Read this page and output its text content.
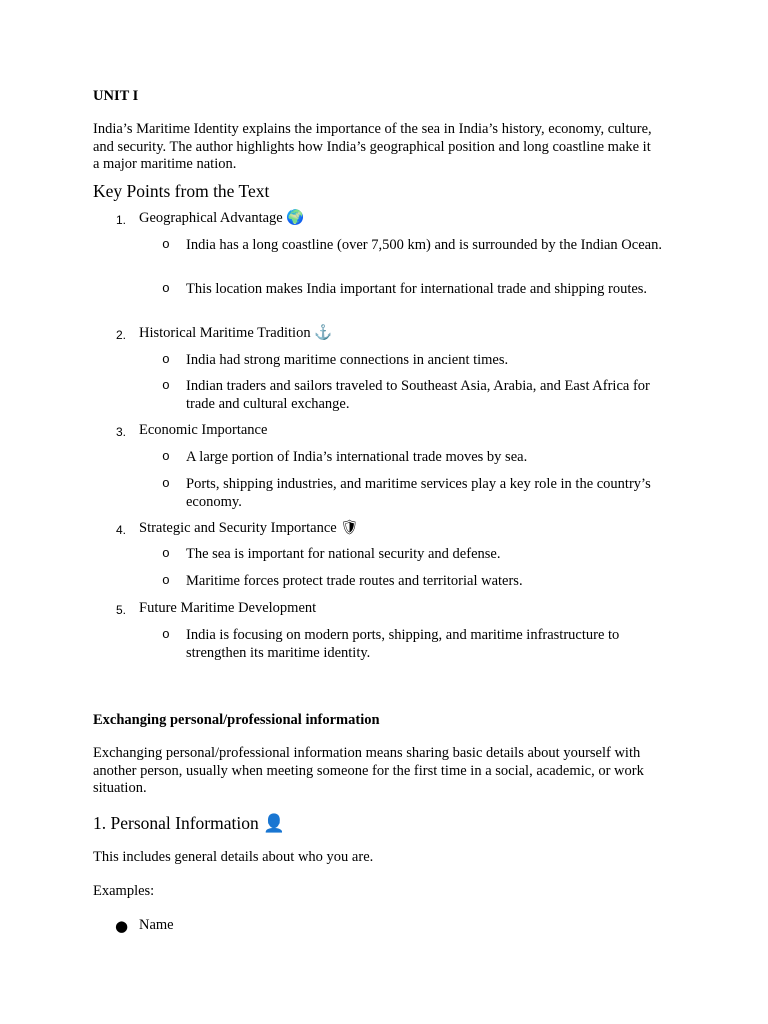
UNIT I
India’s Maritime Identity explains the importance of the sea in India’s history, economy, culture, and security. The author highlights how India’s geographical position and long coastline make it a major maritime nation.
Key Points from the Text
1. Geographical Advantage 🌍
o India has a long coastline (over 7,500 km) and is surrounded by the Indian Ocean.
o This location makes India important for international trade and shipping routes.
2. Historical Maritime Tradition ⚓
o India had strong maritime connections in ancient times.
o Indian traders and sailors traveled to Southeast Asia, Arabia, and East Africa for trade and cultural exchange.
3. Economic Importance
o A large portion of India’s international trade moves by sea.
o Ports, shipping industries, and maritime services play a key role in the country’s economy.
4. Strategic and Security Importance 🛡
o The sea is important for national security and defense.
o Maritime forces protect trade routes and territorial waters.
5. Future Maritime Development
o India is focusing on modern ports, shipping, and maritime infrastructure to strengthen its maritime identity.
Exchanging personal/professional information
Exchanging personal/professional information means sharing basic details about yourself with another person, usually when meeting someone for the first time in a social, academic, or work situation.
1. Personal Information 👤
This includes general details about who you are.
Examples:
● Name
